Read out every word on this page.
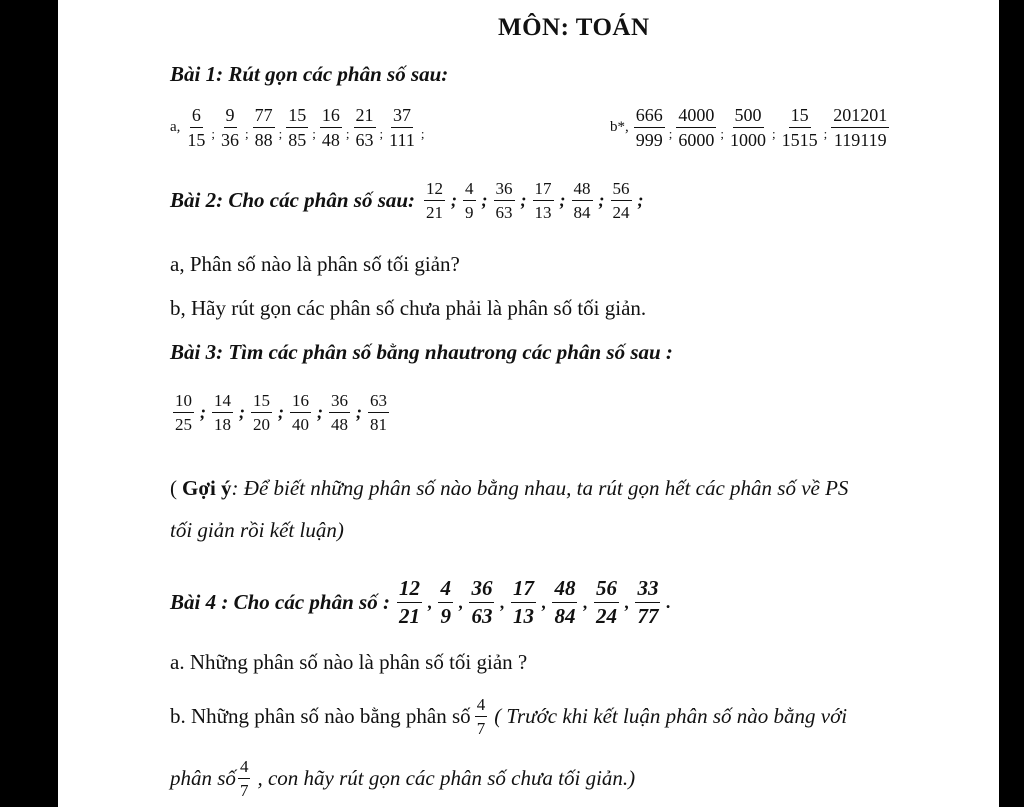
MÔN: TOÁN
Bài 1: Rút gọn các phân số sau:
a, $\frac{6}{15}$ ; $\frac{9}{36}$ ; $\frac{77}{88}$ ; $\frac{15}{85}$ ; $\frac{16}{48}$ ; $\frac{21}{63}$ ; $\frac{37}{111}$ ;	b*, $\frac{666}{999}$ ; $\frac{4000}{6000}$ ; $\frac{500}{1000}$ ; $\frac{15}{1515}$ ; $\frac{201201}{119119}$
Bài 2: Cho các phân số sau: $\frac{12}{21}$ ; $\frac{4}{9}$ ; $\frac{36}{63}$ ; $\frac{17}{13}$ ; $\frac{48}{84}$ ; $\frac{56}{24}$ ;
a, Phân số nào là phân số tối giản?
b, Hãy rút gọn các phân số chưa phải là phân số tối giản.
Bài 3: Tìm các phân số bằng nhautrong các phân số sau :
$\frac{10}{25}$ ; $\frac{14}{18}$ ; $\frac{15}{20}$ ; $\frac{16}{40}$ ; $\frac{36}{48}$ ; $\frac{63}{81}$
( Gợi ý : Để biết những phân số nào bằng nhau, ta rút gọn hết các phân số về PS
tối giản rồi kết luận)
Bài 4 : Cho các phân số : $\frac{12}{21}$ , $\frac{4}{9}$ , $\frac{36}{63}$ , $\frac{17}{13}$ , $\frac{48}{84}$ , $\frac{56}{24}$ , $\frac{33}{77}$ .
a. Những phân số nào là phân số tối giản ?
b. Những phân số nào bằng phân số $\frac{4}{7}$ ( Trước khi kết luận phân số nào bằng với
phân số $\frac{4}{7}$ , con hãy rút gọn các phân số chưa tối giản.)
